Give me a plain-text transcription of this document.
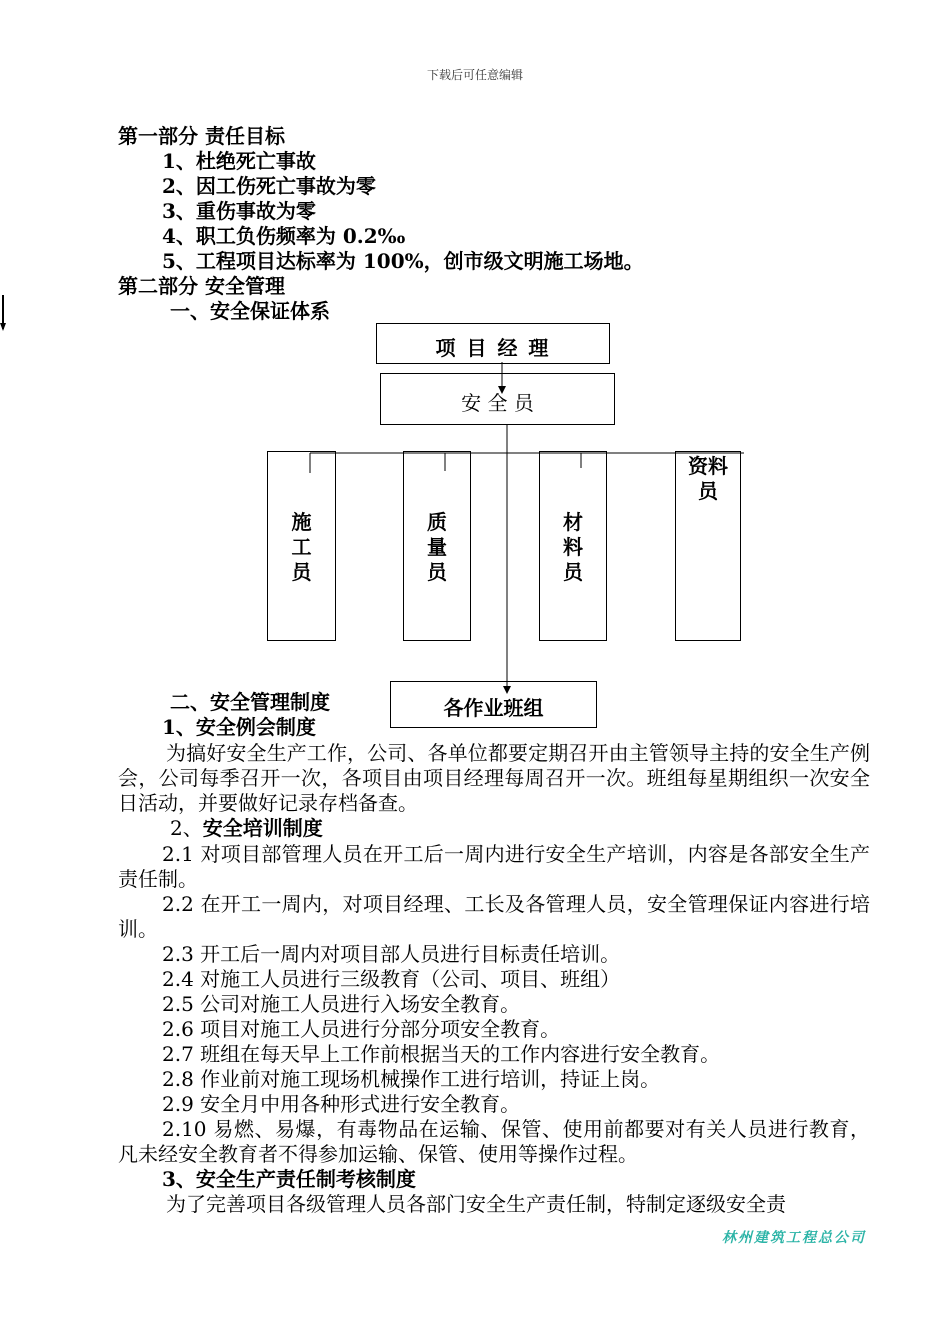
下载后可任意编辑
第一部分 责任目标
1、杜绝死亡事故
2、因工伤死亡事故为零
3、重伤事故为零
4、职工负伤频率为 0.2‰
5、工程项目达标率为 100%，创市级文明施工场地。
第二部分 安全管理
一、安全保证体系
项 目 经 理
安 全 员
施
工
员
质
量
员
材
料
员
资料
员
各作业班组
二、安全管理制度
1、安全例会制度
为搞好安全生产工作，公司、各单位都要定期召开由主管领导主持的安全生产例会，公司每季召开一次，各项目由项目经理每周召开一次。班组每星期组织一次安全日活动，并要做好记录存档备查。
2、安全培训制度
2.1 对项目部管理人员在开工后一周内进行安全生产培训，内容是各部安全生产责任制。
2.2 在开工一周内，对项目经理、工长及各管理人员，安全管理保证内容进行培训。
2.3 开工后一周内对项目部人员进行目标责任培训。
2.4 对施工人员进行三级教育（公司、项目、班组）
2.5 公司对施工人员进行入场安全教育。
2.6 项目对施工人员进行分部分项安全教育。
2.7 班组在每天早上工作前根据当天的工作内容进行安全教育。
2.8 作业前对施工现场机械操作工进行培训，持证上岗。
2.9 安全月中用各种形式进行安全教育。
2.10 易燃、易爆，有毒物品在运输、保管、使用前都要对有关人员进行教育，凡未经安全教育者不得参加运输、保管、使用等操作过程。
3、安全生产责任制考核制度
为了完善项目各级管理人员各部门安全生产责任制，特制定逐级安全责
林州建筑工程总公司
